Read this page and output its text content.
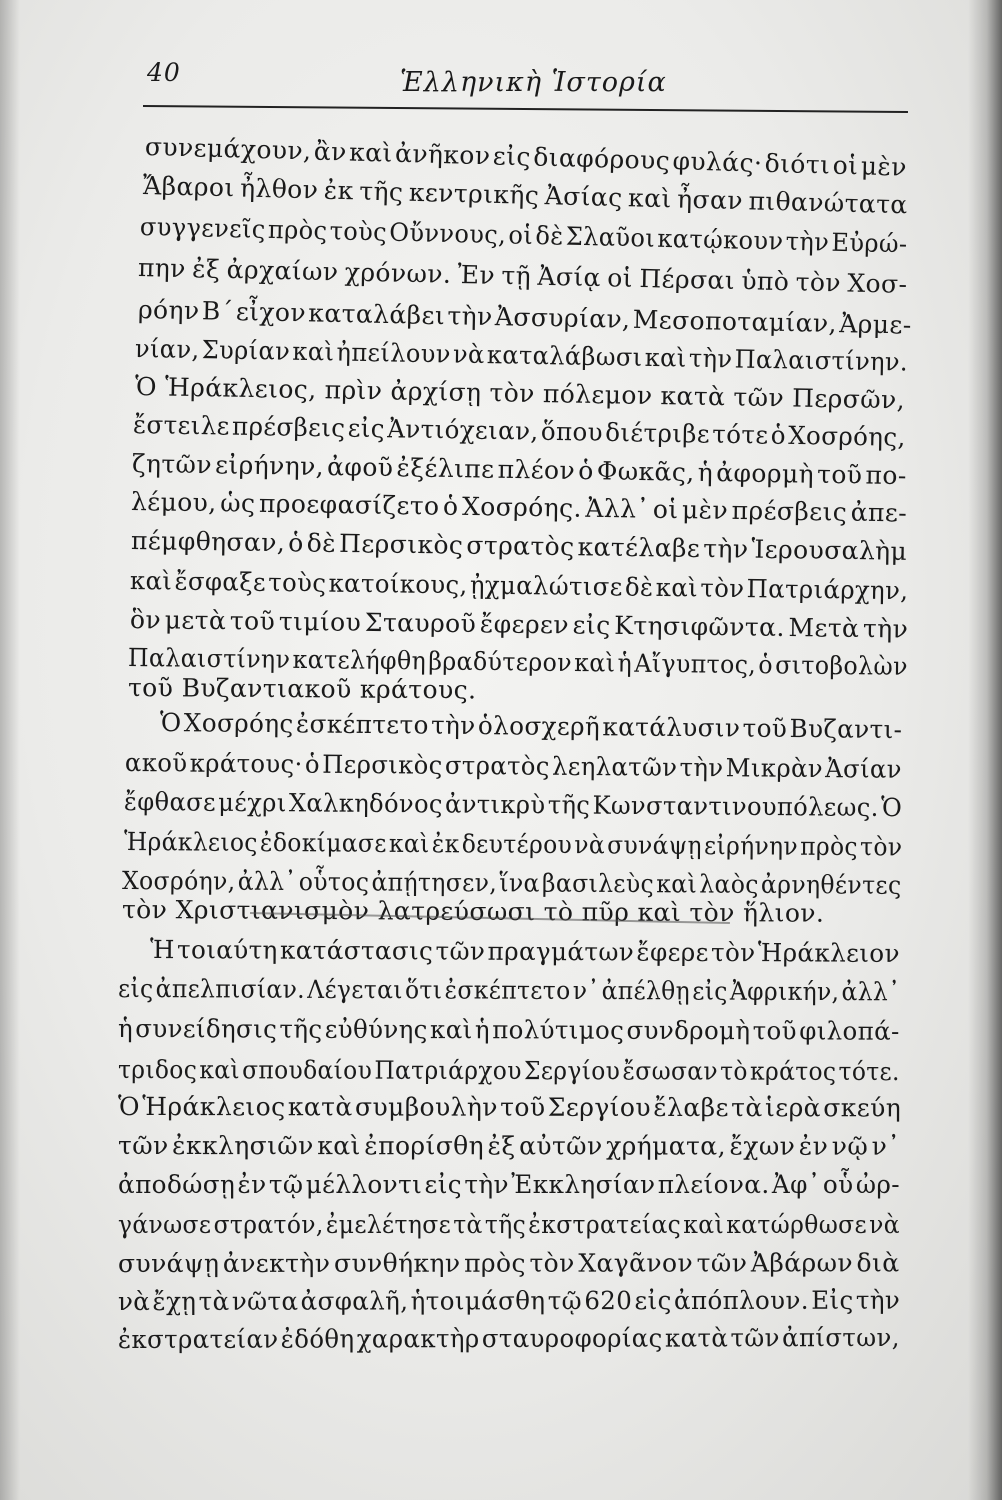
40	Ἑλληνικὴ Ἱστορία
συνεμάχουν, ἂν καὶ ἀνῆκον εἰς διαφόρους φυλάς· διότι οἱ μὲν
Ἄβαροι ἦλθον ἐκ τῆς κεντρικῆς Ἀσίας καὶ ἦσαν πιθανώτατα
συγγενεῖς πρὸς τοὺς Οὔννους, οἱ δὲ Σλαῦοι κατῴκουν τὴν Εὐρώ-
πην ἐξ ἀρχαίων χρόνων. Ἐν τῇ Ἀσίᾳ οἱ Πέρσαι ὑπὸ τὸν Χοσ-
ρόην Β΄ εἶχον καταλάβει τὴν Ἀσσυρίαν, Μεσοποταμίαν, Ἀρμε-
νίαν, Συρίαν καὶ ἠπείλουν νὰ καταλάβωσι καὶ τὴν Παλαιστίνην.
Ὁ Ἡράκλειος, πρὶν ἀρχίσῃ τὸν πόλεμον κατὰ τῶν Περσῶν,
ἔστειλε πρέσβεις εἰς Ἀντιόχειαν, ὅπου διέτριβε τότε ὁ Χοσρόης,
ζητῶν εἰρήνην, ἀφοῦ ἐξέλιπε πλέον ὁ Φωκᾶς, ἡ ἀφορμὴ τοῦ πο-
λέμου, ὡς προεφασίζετο ὁ Χοσρόης. Ἀλλ᾽ οἱ μὲν πρέσβεις ἀπε-
πέμφθησαν, ὁ δὲ Περσικὸς στρατὸς κατέλαβε τὴν Ἱερουσαλὴμ
καὶ ἔσφαξε τοὺς κατοίκους, ᾐχμαλώτισε δὲ καὶ τὸν Πατριάρχην,
ὃν μετὰ τοῦ τιμίου Σταυροῦ ἔφερεν εἰς Κτησιφῶντα. Μετὰ τὴν
Παλαιστίνην κατελήφθη βραδύτερον καὶ ἡ Αἴγυπτος, ὁ σιτοβολὼν
τοῦ Βυζαντιακοῦ κράτους.
Ὁ Χοσρόης ἐσκέπτετο τὴν ὁλοσχερῆ κατάλυσιν τοῦ Βυζαντι-
ακοῦ κράτους· ὁ Περσικὸς στρατὸς λεηλατῶν τὴν Μικρὰν Ἀσίαν
ἔφθασε μέχρι Χαλκηδόνος ἀντικρὺ τῆς Κωνσταντινουπόλεως. Ὁ
Ἡράκλειος ἐδοκίμασε καὶ ἐκ δευτέρου νὰ συνάψῃ εἰρήνην πρὸς τὸν
Χοσρόην, ἀλλ᾽ οὗτος ἀπῄτησεν, ἵνα βασιλεὺς καὶ λαὸς ἀρνηθέντες
τὸν Χριστιανισμὸν λατρεύσωσι τὸ πῦρ καὶ τὸν ἥλιον.
Ἡ τοιαύτη κατάστασις τῶν πραγμάτων ἔφερε τὸν Ἡράκλειον
εἰς ἀπελπισίαν. Λέγεται ὅτι ἐσκέπτετο ν᾽ ἀπέλθῃ εἰς Ἀφρικήν, ἀλλ᾽
ἡ συνείδησις τῆς εὐθύνης καὶ ἡ πολύτιμος συνδρομὴ τοῦ φιλοπά-
τριδος καὶ σπουδαίου Πατριάρχου Σεργίου ἔσωσαν τὸ κράτος τότε.
Ὁ Ἡράκλειος κατὰ συμβουλὴν τοῦ Σεργίου ἔλαβε τὰ ἱερὰ σκεύη
τῶν ἐκκλησιῶν καὶ ἐπορίσθη ἐξ αὐτῶν χρήματα, ἔχων ἐν νῷ ν᾽
ἀποδώσῃ ἐν τῷ μέλλοντι εἰς τὴν Ἐκκλησίαν πλείονα. Ἀφ᾽ οὗ ὠρ-
γάνωσε στρατόν, ἐμελέτησε τὰ τῆς ἐκστρατείας καὶ κατώρθωσε νὰ
συνάψῃ ἀνεκτὴν συνθήκην πρὸς τὸν Χαγᾶνον τῶν Ἀβάρων διὰ
νὰ ἔχῃ τὰ νῶτα ἀσφαλῆ, ἡτοιμάσθη τῷ 620 εἰς ἀπόπλουν. Εἰς τὴν
ἐκστρατείαν ἐδόθη χαρακτὴρ σταυροφορίας κατὰ τῶν ἀπίστων,
